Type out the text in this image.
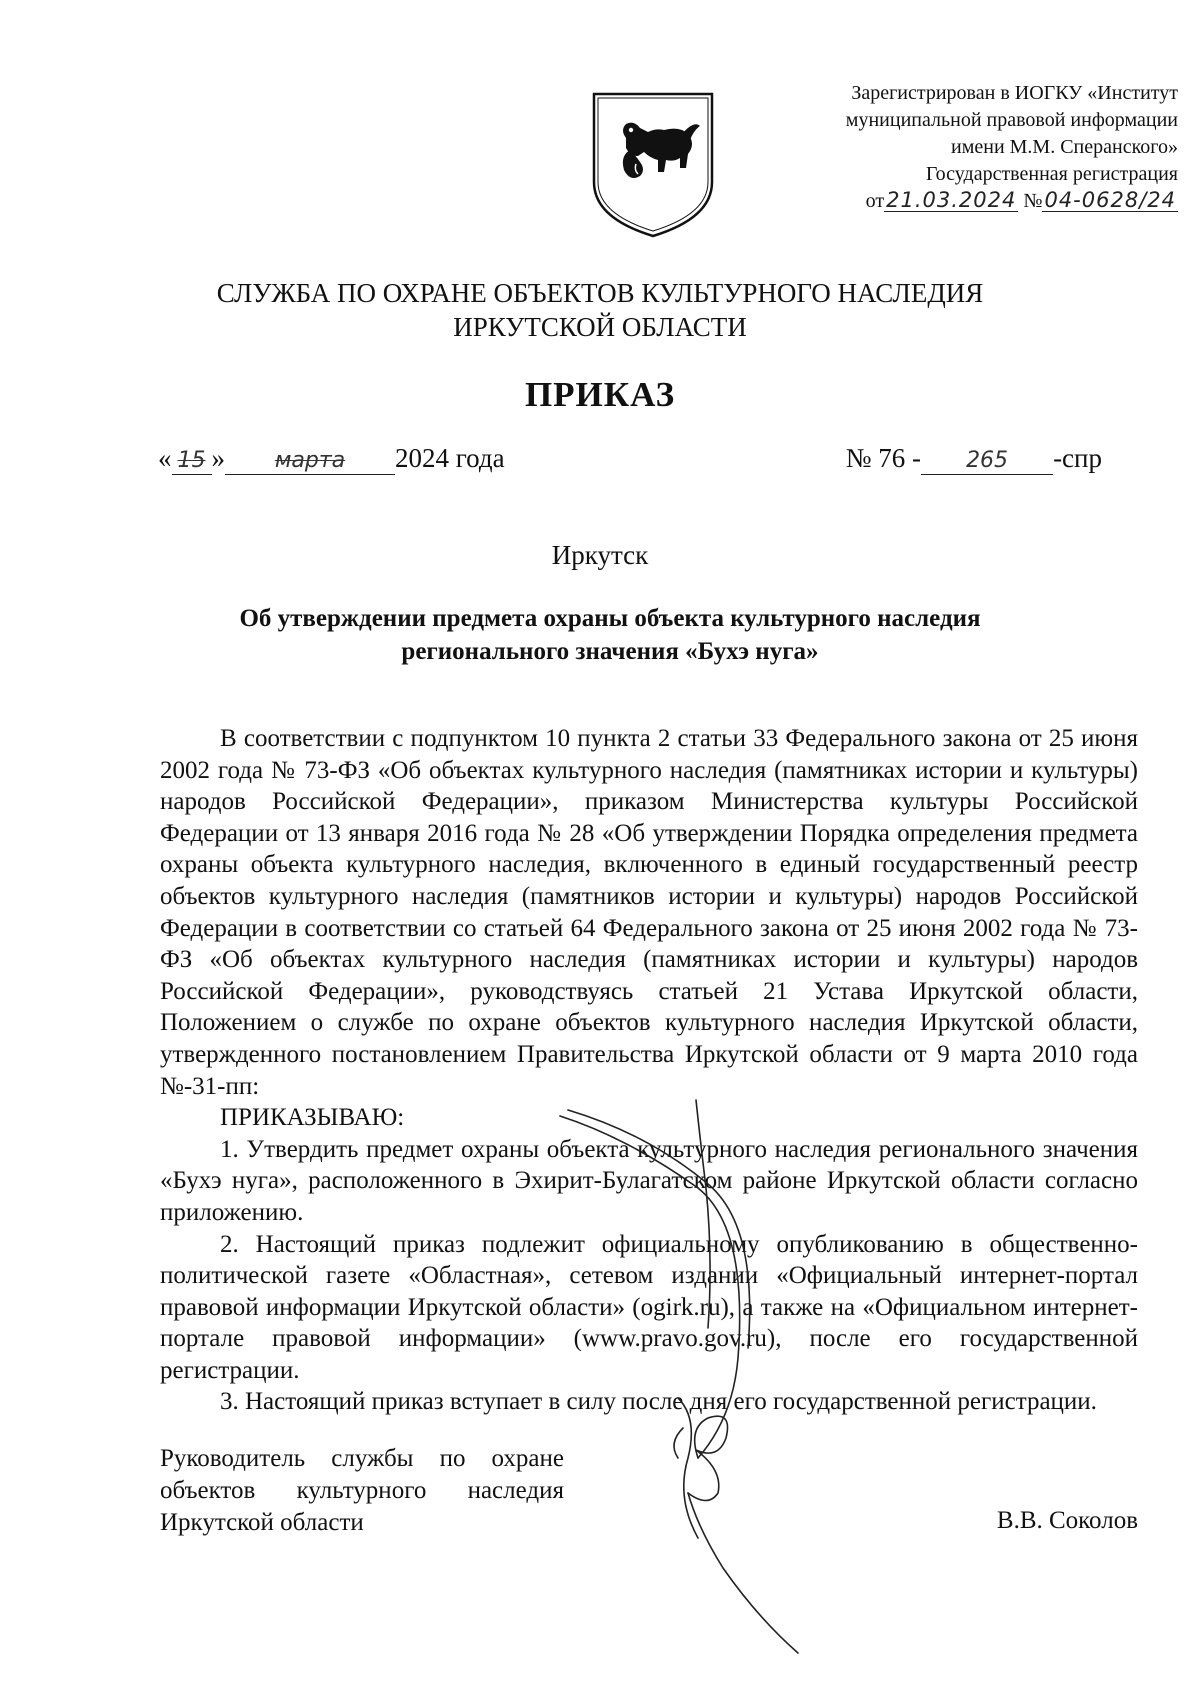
Зарегистрирован в ИОГКУ «Институт
муниципальной правовой информации
имени М.М. Сперанского»
Государственная регистрация
от21.03.2024 №04-0628/24
СЛУЖБА ПО ОХРАНЕ ОБЪЕКТОВ КУЛЬТУРНОГО НАСЛЕДИЯ
ИРКУТСКОЙ ОБЛАСТИ
ПРИКАЗ
« 15 » марта 2024 года	№ 76 - 265 -спр
Иркутск
Об утверждении предмета охраны объекта культурного наследия
регионального значения «Бухэ нуга»

В соответствии с подпунктом 10 пункта 2 статьи 33 Федерального закона от 25 июня 2002 года № 73-ФЗ «Об объектах культурного наследия (памятниках истории и культуры) народов Российской Федерации», приказом Министерства культуры Российской Федерации от 13 января 2016 года № 28 «Об утверждении Порядка определения предмета охраны объекта культурного наследия, включенного в единый государственный реестр объектов культурного наследия (памятников истории и культуры) народов Российской Федерации в соответствии со статьей 64 Федерального закона от 25 июня 2002 года № 73-ФЗ «Об объектах культурного наследия (памятниках истории и культуры) народов Российской Федерации», руководствуясь статьей 21 Устава Иркутской области, Положением о службе по охране объектов культурного наследия Иркутской области, утвержденного постановлением Правительства Иркутской области от 9 марта 2010 года №-31-пп:

ПРИКАЗЫВАЮ:

1. Утвердить предмет охраны объекта культурного наследия регионального значения «Бухэ нуга», расположенного в Эхирит-Булагатском районе Иркутской области согласно приложению.

2. Настоящий приказ подлежит официальному опубликованию в общественно-политической газете «Областная», сетевом издании «Официальный интернет-портал правовой информации Иркутской области» (ogirk.ru), а также на «Официальном интернет-портале правовой информации» (www.pravo.gov.ru), после его государственной регистрации.

3. Настоящий приказ вступает в силу после дня его государственной регистрации.

Руководитель службы по охране
объектов культурного наследия
Иркутской области	В.В. Соколов
